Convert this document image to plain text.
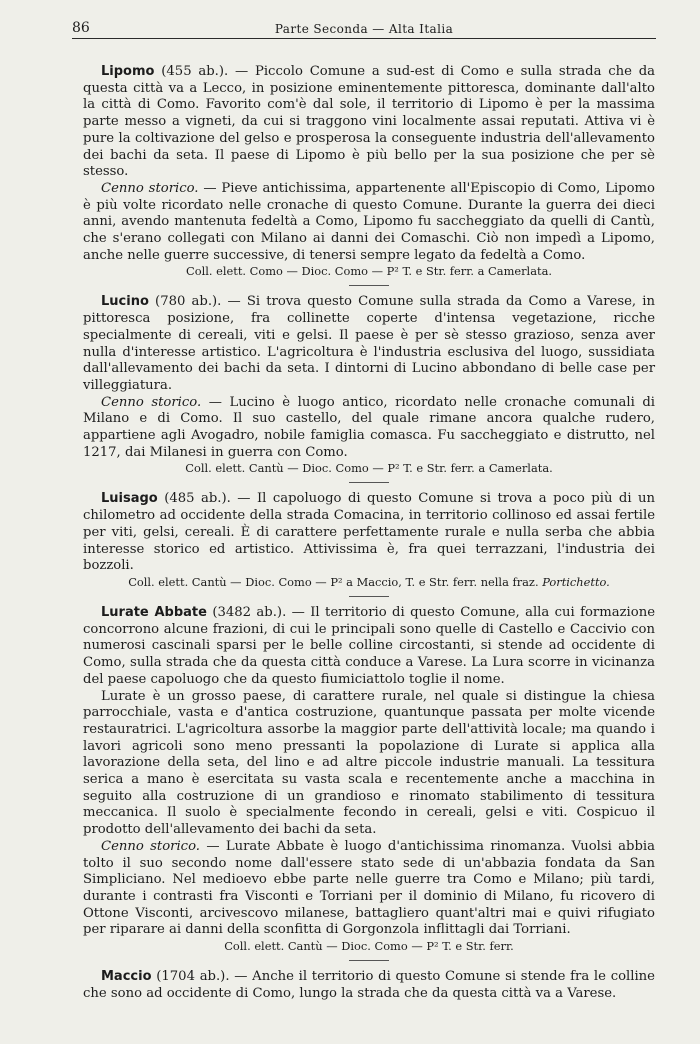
86	Parte Seconda — Alta Italia

Lipomo (455 ab.). — Piccolo Comune a sud-est di Como e sulla strada che da questa città va a Lecco, in posizione eminentemente pittoresca, dominante dall'alto la città di Como. Favorito com'è dal sole, il territorio di Lipomo è per la massima parte messo a vigneti, da cui si traggono vini localmente assai reputati. Attiva vi è pure la coltivazione del gelso e prosperosa la conseguente industria dell'allevamento dei bachi da seta. Il paese di Lipomo è più bello per la sua posizione che per sè stesso.

Cenno storico. — Pieve antichissima, appartenente all'Episcopio di Como, Lipomo è più volte ricordato nelle cronache di questo Comune. Durante la guerra dei dieci anni, avendo mantenuta fedeltà a Como, Lipomo fu saccheggiato da quelli di Cantù, che s'erano collegati con Milano ai danni dei Comaschi. Ciò non impedì a Lipomo, anche nelle guerre successive, di tenersi sempre legato da fedeltà a Como.

Coll. elett. Como — Dioc. Como — P² T. e Str. ferr. a Camerlata.

Lucino (780 ab.). — Si trova questo Comune sulla strada da Como a Varese, in pittoresca posizione, fra collinette coperte d'intensa vegetazione, ricche specialmente di cereali, viti e gelsi. Il paese è per sè stesso grazioso, senza aver nulla d'interesse artistico. L'agricoltura è l'industria esclusiva del luogo, sussidiata dall'allevamento dei bachi da seta. I dintorni di Lucino abbondano di belle case per villeggiatura.

Cenno storico. — Lucino è luogo antico, ricordato nelle cronache comunali di Milano e di Como. Il suo castello, del quale rimane ancora qualche rudero, appartiene agli Avogadro, nobile famiglia comasca. Fu saccheggiato e distrutto, nel 1217, dai Milanesi in guerra con Como.

Coll. elett. Cantù — Dioc. Como — P² T. e Str. ferr. a Camerlata.

Luisago (485 ab.). — Il capoluogo di questo Comune si trova a poco più di un chilometro ad occidente della strada Comacina, in territorio collinoso ed assai fertile per viti, gelsi, cereali. È di carattere perfettamente rurale e nulla serba che abbia interesse storico ed artistico. Attivissima è, fra quei terrazzani, l'industria dei bozzoli.

Coll. elett. Cantù — Dioc. Como — P² a Maccio, T. e Str. ferr. nella fraz. Portichetto.

Lurate Abbate (3482 ab.). — Il territorio di questo Comune, alla cui formazione concorrono alcune frazioni, di cui le principali sono quelle di Castello e Caccivio con numerosi cascinali sparsi per le belle colline circostanti, si stende ad occidente di Como, sulla strada che da questa città conduce a Varese. La Lura scorre in vicinanza del paese capoluogo che da questo fiumiciattolo toglie il nome.

Lurate è un grosso paese, di carattere rurale, nel quale si distingue la chiesa parrocchiale, vasta e d'antica costruzione, quantunque passata per molte vicende restauratrici. L'agricoltura assorbe la maggior parte dell'attività locale; ma quando i lavori agricoli sono meno pressanti la popolazione di Lurate si applica alla lavorazione della seta, del lino e ad altre piccole industrie manuali. La tessitura serica a mano è esercitata su vasta scala e recentemente anche a macchina in seguito alla costruzione di un grandioso e rinomato stabilimento di tessitura meccanica. Il suolo è specialmente fecondo in cereali, gelsi e viti. Cospicuo il prodotto dell'allevamento dei bachi da seta.

Cenno storico. — Lurate Abbate è luogo d'antichissima rinomanza. Vuolsi abbia tolto il suo secondo nome dall'essere stato sede di un'abbazia fondata da San Simpliciano. Nel medioevo ebbe parte nelle guerre tra Como e Milano; più tardi, durante i contrasti fra Visconti e Torriani per il dominio di Milano, fu ricovero di Ottone Visconti, arcivescovo milanese, battagliero quant'altri mai e quivi rifugiato per riparare ai danni della sconfitta di Gorgonzola inflittagli dai Torriani.

Coll. elett. Cantù — Dioc. Como — P² T. e Str. ferr.

Maccio (1704 ab.). — Anche il territorio di questo Comune si stende fra le colline che sono ad occidente di Como, lungo la strada che da questa città va a Varese.
